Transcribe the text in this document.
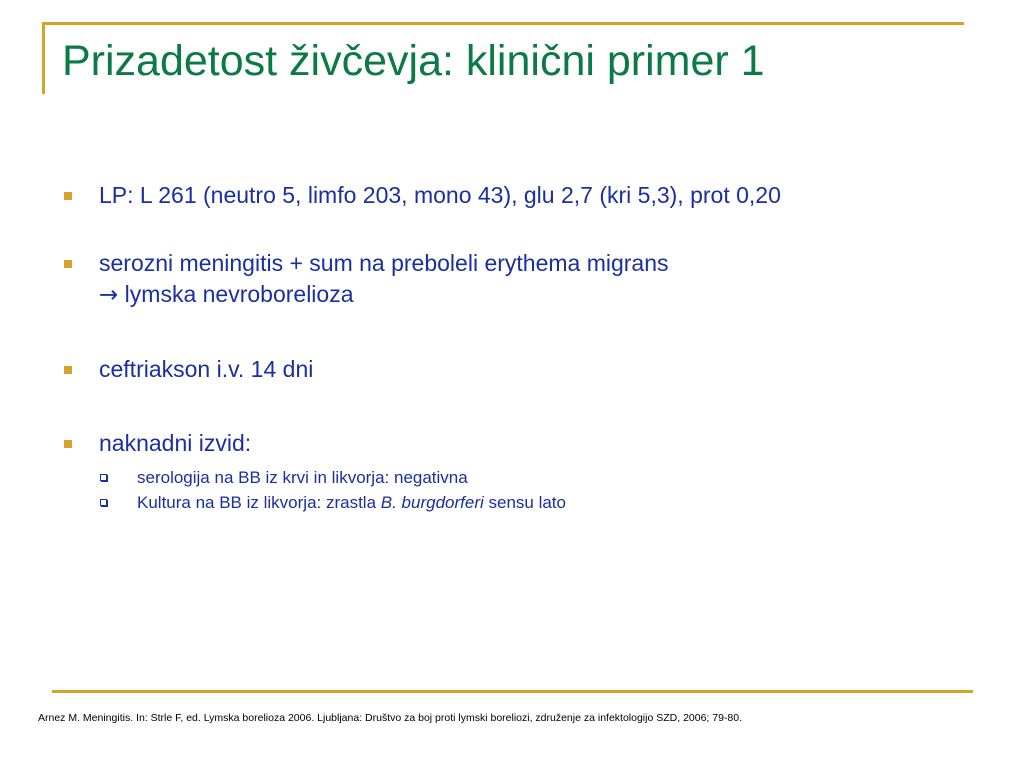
Prizadetost živčevja: klinični primer 1
LP: L 261 (neutro 5, limfo 203, mono 43), glu 2,7 (kri 5,3), prot 0,20
serozni meningitis + sum na preboleli erythema migrans
→ lymska nevroborelioza
ceftriakson i.v. 14 dni
naknadni izvid:
serologija na BB iz krvi in likvorja: negativna
Kultura na BB iz likvorja: zrastla B. burgdorferi sensu lato
Arnez M. Meningitis. In: Strle F, ed. Lymska borelioza 2006. Ljubljana: Društvo za boj proti lymski boreliozi, združenje za infektologijo SZD, 2006; 79-80.
